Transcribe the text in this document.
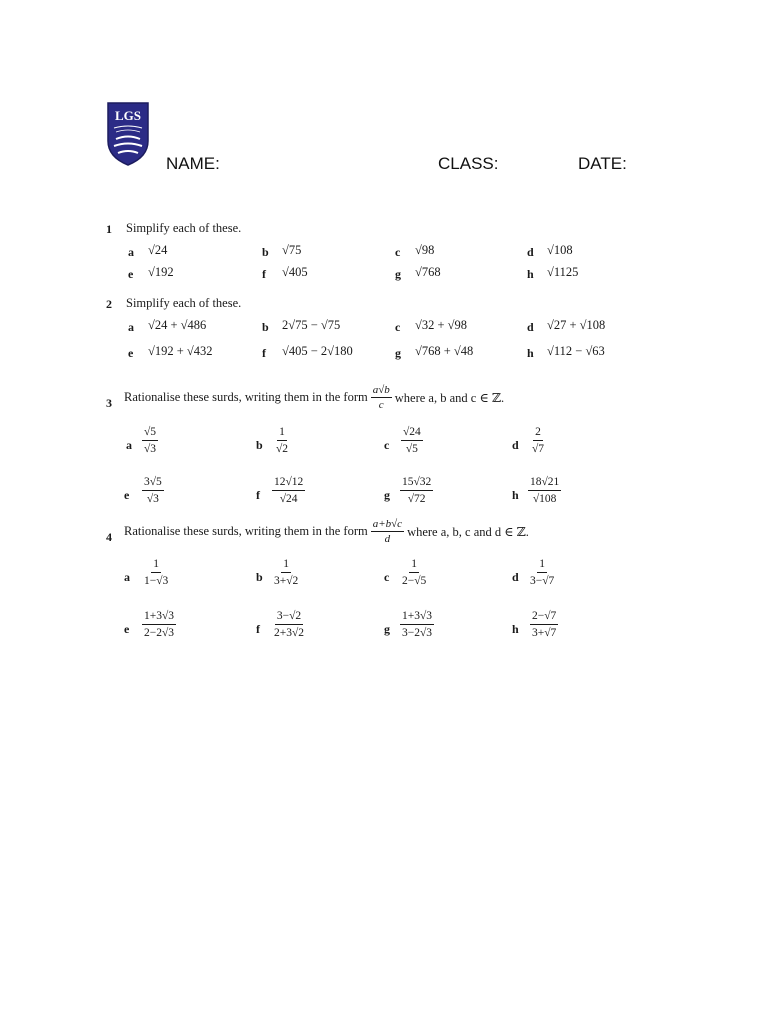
LGS
NAME:	CLASS:	DATE:
1 Simplify each of these.
a √24	b √75	c √98	d √108
e √192	f √405	g √768	h √1125
2 Simplify each of these.
a √24 + √486	b 2√75 − √75	c √32 + √98	d √27 + √108
e √192 + √432	f √405 − 2√180	g √768 + √48	h √112 − √63
3 Rationalise these surds, writing them in the form $\frac{a√b}{c}$ where a, b and c ∈ ℤ.
a $\frac{√5}{√3}$	b $\frac{1}{√2}$	c $\frac{√24}{√5}$	d $\frac{2}{√7}$
e $\frac{3√5}{√3}$	f $\frac{12√12}{√24}$	g $\frac{15√32}{√72}$	h $\frac{18√21}{√108}$
4 Rationalise these surds, writing them in the form $\frac{a+b√c}{d}$ where a, b, c and d ∈ ℤ.
a $\frac{1}{1-√3}$	b $\frac{1}{3+√2}$	c $\frac{1}{2-√5}$	d $\frac{1}{3-√7}$
e $\frac{1+3√3}{2-2√3}$	f $\frac{3-√2}{2+3√2}$	g $\frac{1+3√3}{3-2√3}$	h $\frac{2-√7}{3+√7}$
